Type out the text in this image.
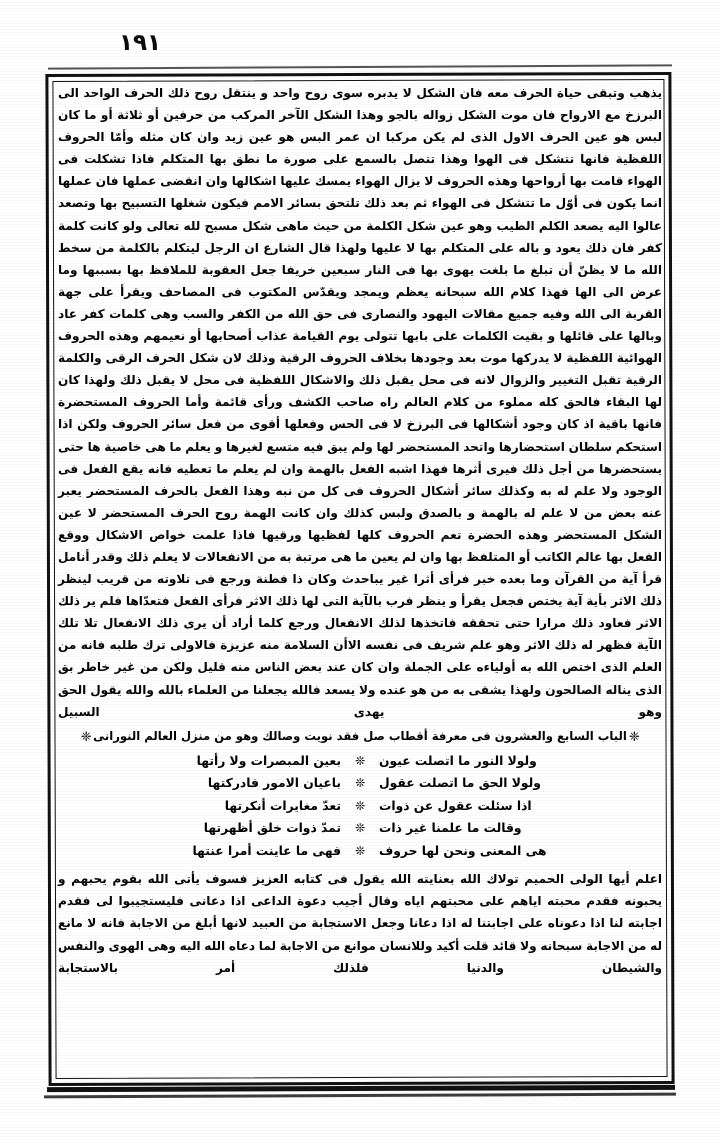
١٩١

يذهب وتبقى حياة الحرف معه فان الشكل لا يدبره سوى روح واحد و ينتقل روح ذلك الحرف الواحد الى البرزخ مع الارواح فان موت الشكل زواله بالجو وهذا الشكل الآخر المركب من حرفين أو ثلاثة أو ما كان لبس هو عين الحرف الاول الذى لم يكن مركبا ان عمر البس هو عين زيد وان كان مثله وأمّا الحروف اللفظية فانها تتشكل فى الهوا وهذا تتصل بالسمع على صورة ما نطق بها المتكلم فاذا تشكلت فى الهواء قامت بها أرواحها وهذه الحروف لا يزال الهواء يمسك عليها اشكالها وان انقضى عملها فان عملها انما يكون فى أوّل ما تتشكل فى الهواء ثم بعد ذلك تلتحق بسائر الامم فيكون شغلها التسبيح بها وتصعد عالوا اليه يصعد الكلم الطيب وهو عين شكل الكلمة من حيث ماهى شكل مسبح لله تعالى ولو كانت كلمة كفر فان ذلك يعود و باله على المتكلم بها لا عليها ولهذا قال الشارع ان الرجل ليتكلم بالكلمة من سخط الله ما لا يظنّ أن تبلغ ما بلغت يهوى بها فى النار سبعين خريفا جعل العقوبة للملافظ بها بسببها وما عرض الى الها فهذا كلام الله سبحانه يعظم ويمجد ويقدّس المكتوب فى المصاحف ويقرأ على جهة القربة الى الله وفيه جميع مقالات اليهود والنصارى فى حق الله من الكفر والسب وهى كلمات كفر عاد وبالها على قائلها و بقيت الكلمات على بابها تتولى يوم القيامة عذاب أصحابها أو نعيمهم وهذه الحروف الهوائية اللفظية لا يدركها موت بعد وجودها بخلاف الحروف الرقية وذلك لان شكل الحرف الرقى والكلمة الرقية تقبل التغيير والزوال لانه فى محل يقبل ذلك والاشكال اللفظية فى محل لا يقبل ذلك ولهذا كان لها البقاء فالحق كله مملوء من كلام العالم راه صاحب الكشف ورأى قائمة وأما الحروف المستحضرة فانها باقية اذ كان وجود أشكالها فى البرزخ لا فى الحس وفعلها أقوى من فعل سائر الحروف ولكن اذا استحكم سلطان استحضارها واتحد المستحضر لها ولم يبق فيه متسع لغيرها و يعلم ما هى خاصية ها حتى يستحضرها من أجل ذلك فيرى أثرها فهذا اشبه الفعل بالهمة وان لم يعلم ما تعطيه فانه يقع الفعل فى الوجود ولا علم له به وكذلك سائر أشكال الحروف فى كل من نبه وهذا الفعل بالحرف المستحضر يعبر عنه بعض من لا علم له بالهمة و بالصدق ولبس كذلك وان كانت الهمة روح الحرف المستحضر لا عين الشكل المستحضر وهذه الحضرة تعم الحروف كلها لفظيها ورقيها فاذا علمت خواص الاشكال ووقع الفعل بها عالم الكاتب أو المتلفظ بها وان لم يعين ما هى مرتبة به من الانفعالات لا يعلم ذلك وقدر أنامل قرأ آية من القرآن وما بعده خبر فرأى أثرا غير يباحدث وكان ذا فطنة ورجع فى تلاوته من قريب لينظر ذلك الاثر بأية آية يختص فجعل يقرأ و ينظر فرب بالآية التى لها ذلك الاثر فرأى الفعل فتعدّاها فلم ير ذلك الاثر فعاود ذلك مرارا حتى تحققه فاتخذها لذلك الانفعال ورجع كلما أراد أن يرى ذلك الانفعال تلا تلك الآية فظهر له ذلك الاثر وهو علم شريف فى نفسه الاأن السلامة منه عزيزة فالاولى ترك طلبه فانه من العلم الذى اختص الله به أولياءه على الجملة وان كان عند بعض الناس منه قليل ولكن من غير خاطر بق الذى يناله الصالحون ولهذا يشقى به من هو عنده ولا يسعد فالله يجعلنا من العلماء بالله والله يقول الحق وهو يهدى السبيل

❈الباب السابع والعشرون فى معرفة أقطاب صل فقد نويت وصالك وهو من منزل العالم النورانى❈
ولولا النور ما اتصلت عيون
❊
بعين المبصرات ولا رأتها
ولولا الحق ما اتصلت عقول
❊
باعيان الامور فادركتها
اذا سئلت عقول عن ذوات
❊
تعدّ مغايرات أنكرتها
وقالت ما علمنا غير ذات
❊
تمدّ ذوات خلق أظهرتها
هى المعنى ونحن لها حروف
❊
فهى ما عاينت أمرا عنتها

اعلم أيها الولى الحميم تولاك الله بعنايته الله يقول فى كتابه العزيز فسوف يأتى الله بقوم يحبهم و يحبونه فقدم محبته اياهم على محبتهم اياه وقال أجيب دعوة الداعى اذا دعانى فليستجيبوا لى فقدم اجابته لنا اذا دعوناه على اجابتنا له اذا دعانا وجعل الاستجابة من العبيد لانها أبلغ من الاجابة فانه لا مانع له من الاجابة سبحانه ولا قائد قلت أكيد وللانسان موانع من الاجابة لما دعاه الله اليه وهى الهوى والنفس والشيطان والدنيا فلذلك أمر بالاستجابة
